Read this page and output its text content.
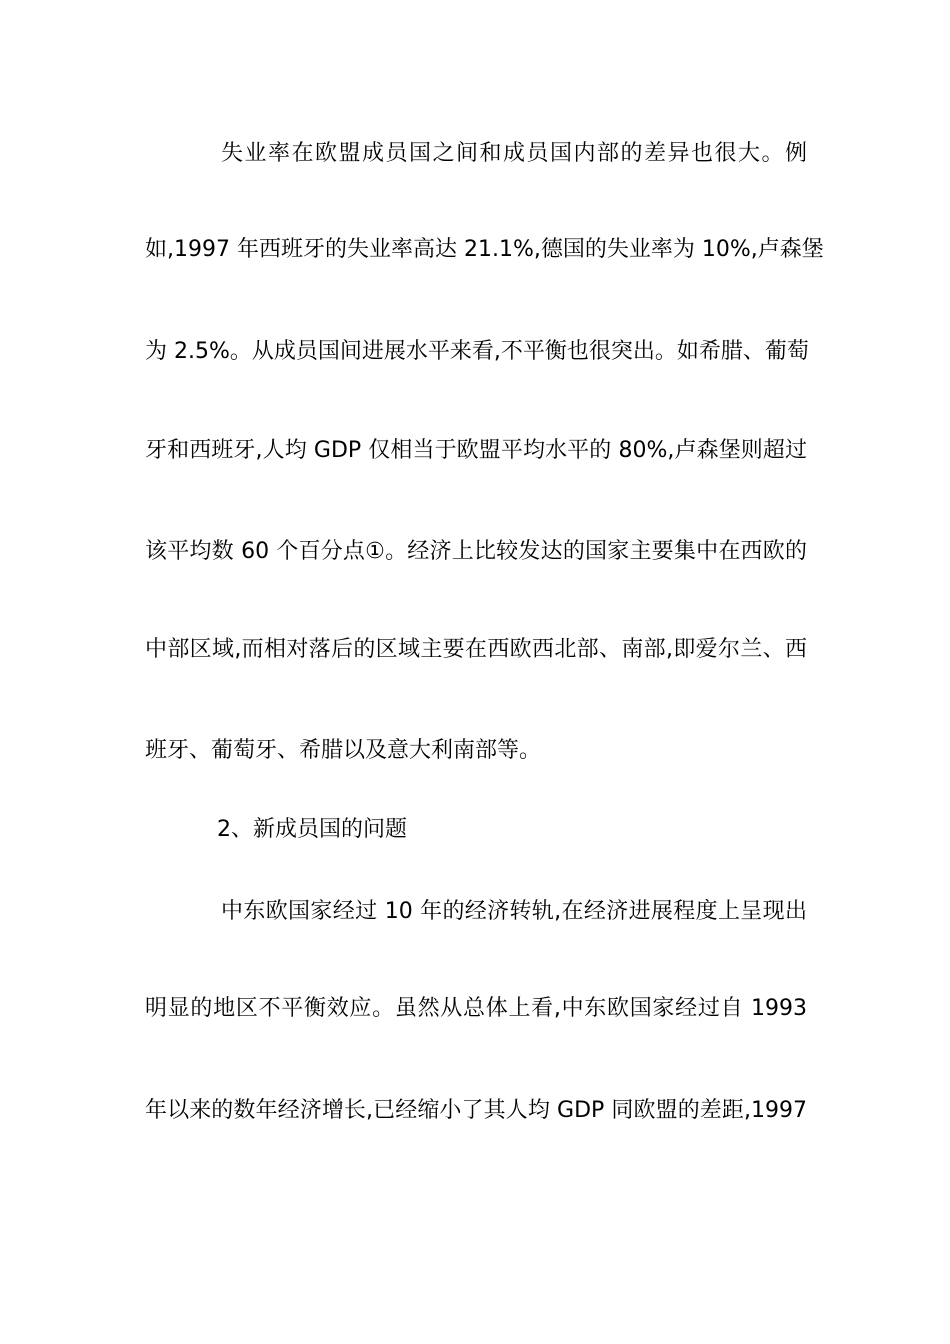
失业率在欧盟成员国之间和成员国内部的差异也很大。例
如,1997 年西班牙的失业率高达 21.1%,德国的失业率为 10%,卢森堡
为 2.5%。从成员国间进展水平来看,不平衡也很突出。如希腊、葡萄
牙和西班牙,人均 GDP 仅相当于欧盟平均水平的 80%,卢森堡则超过
该平均数 60 个百分点①。经济上比较发达的国家主要集中在西欧的
中部区域,而相对落后的区域主要在西欧西北部、南部,即爱尔兰、西
班牙、葡萄牙、希腊以及意大利南部等。
2、新成员国的问题
中东欧国家经过 10 年的经济转轨,在经济进展程度上呈现出
明显的地区不平衡效应。虽然从总体上看,中东欧国家经过自 1993
年以来的数年经济增长,已经缩小了其人均 GDP 同欧盟的差距,1997
